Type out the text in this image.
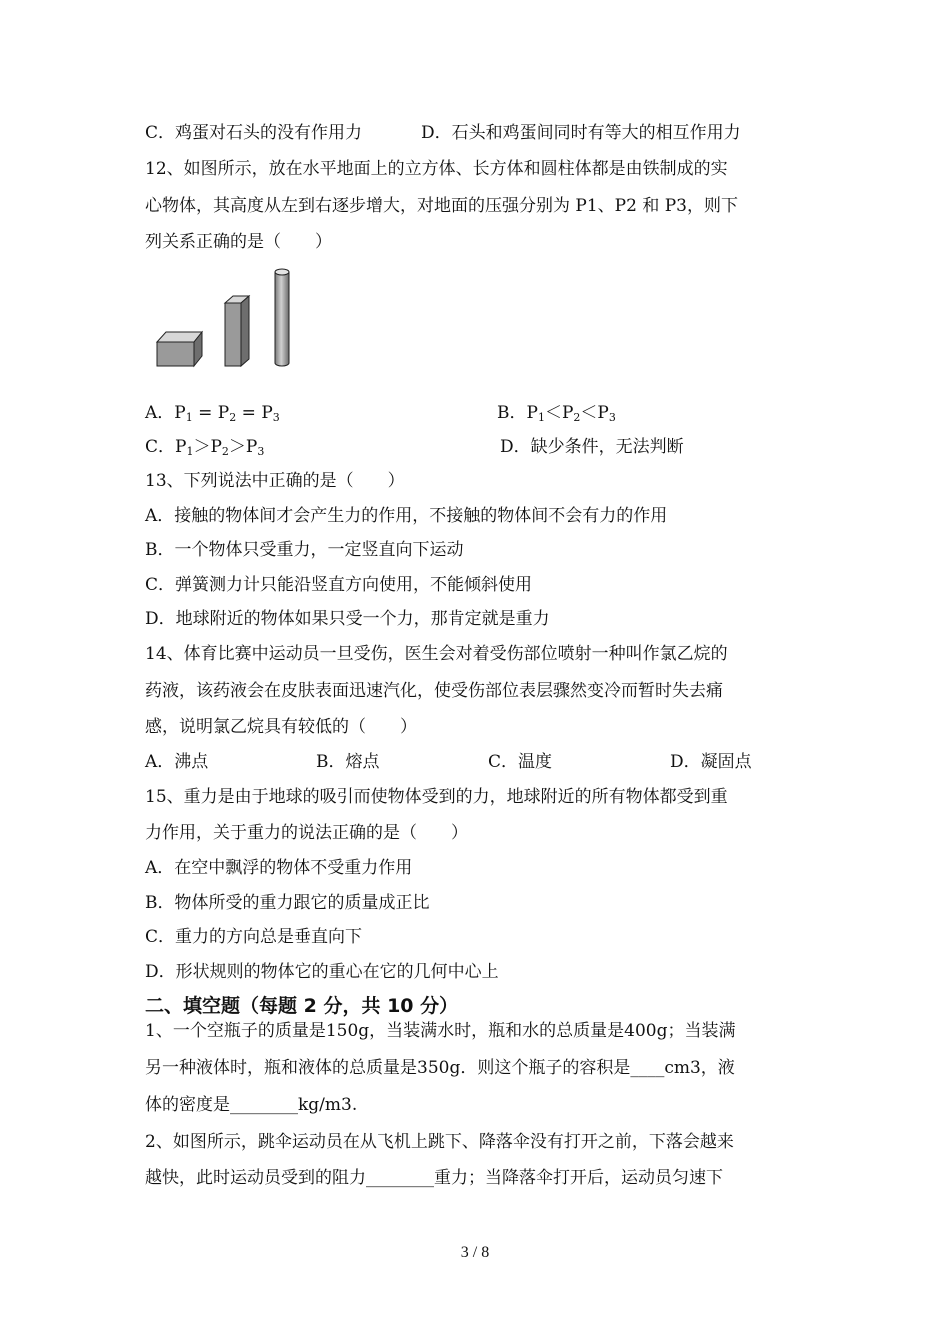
C．鸡蛋对石头的没有作用力	D．石头和鸡蛋间同时有等大的相互作用力
12、如图所示，放在水平地面上的立方体、长方体和圆柱体都是由铁制成的实
心物体，其高度从左到右逐步增大，对地面的压强分别为 P1、P2 和 P3，则下
列关系正确的是（　　）
A．$P_1 = P_2 = P_3$	B．$P_1<P_2<P_3$
C．$P_1>P_2>P_3$	D．缺少条件，无法判断
13、下列说法中正确的是（　　）
A．接触的物体间才会产生力的作用，不接触的物体间不会有力的作用
B．一个物体只受重力，一定竖直向下运动
C．弹簧测力计只能沿竖直方向使用，不能倾斜使用
D．地球附近的物体如果只受一个力，那肯定就是重力
14、体育比赛中运动员一旦受伤，医生会对着受伤部位喷射一种叫作氯乙烷的
药液，该药液会在皮肤表面迅速汽化，使受伤部位表层骤然变冷而暂时失去痛
感，说明氯乙烷具有较低的（　　）
A．沸点	B．熔点	C．温度	D．凝固点
15、重力是由于地球的吸引而使物体受到的力，地球附近的所有物体都受到重
力作用，关于重力的说法正确的是（　　）
A．在空中飘浮的物体不受重力作用
B．物体所受的重力跟它的质量成正比
C．重力的方向总是垂直向下
D．形状规则的物体它的重心在它的几何中心上
二、填空题（每题 2 分，共 10 分）
1、一个空瓶子的质量是150g，当装满水时，瓶和水的总质量是400g；当装满
另一种液体时，瓶和液体的总质量是350g．则这个瓶子的容积是____cm3，液
体的密度是________kg/m3.
2、如图所示，跳伞运动员在从飞机上跳下、降落伞没有打开之前，下落会越来
越快，此时运动员受到的阻力________重力；当降落伞打开后，运动员匀速下
3 / 8
